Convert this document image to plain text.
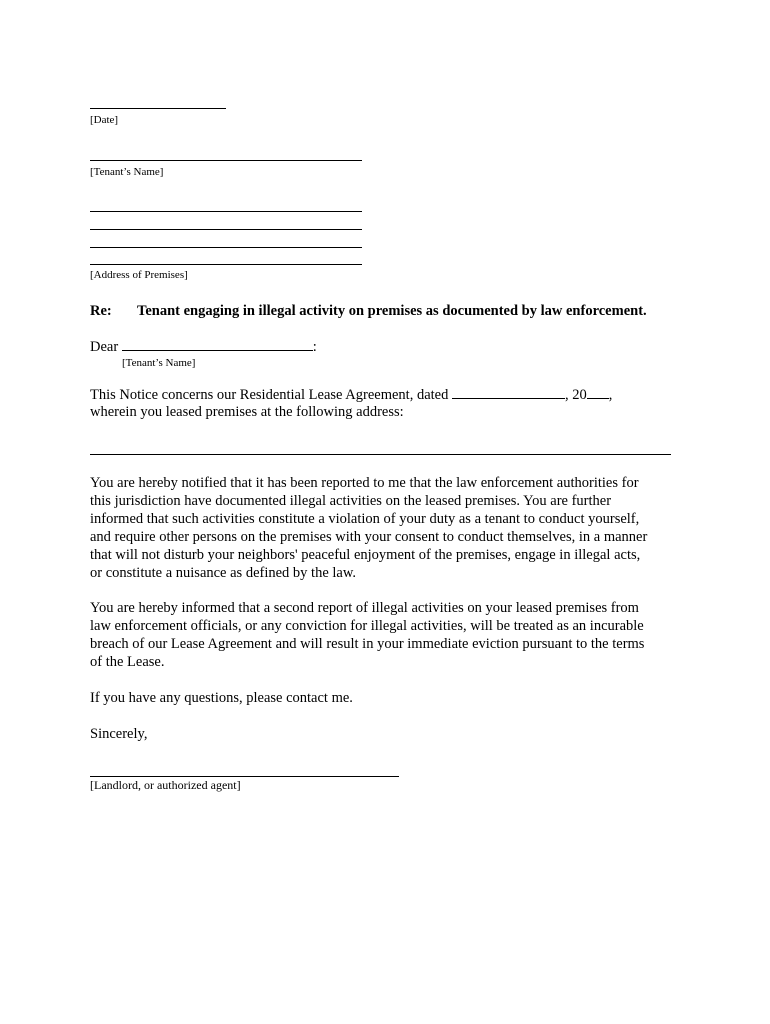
[Date]
[Tenant’s Name]
[Address of Premises]
Re: Tenant engaging in illegal activity on premises as documented by law enforcement.
Dear	:
[Tenant’s Name]
This Notice concerns our Residential Lease Agreement, dated	, 20 ,
wherein you leased premises at the following address:
You are hereby notified that it has been reported to me that the law enforcement authorities for
this jurisdiction have documented illegal activities on the leased premises. You are further
informed that such activities constitute a violation of your duty as a tenant to conduct yourself,
and require other persons on the premises with your consent to conduct themselves, in a manner
that will not disturb your neighbors' peaceful enjoyment of the premises, engage in illegal acts,
or constitute a nuisance as defined by the law.
You are hereby informed that a second report of illegal activities on your leased premises from
law enforcement officials, or any conviction for illegal activities, will be treated as an incurable
breach of our Lease Agreement and will result in your immediate eviction pursuant to the terms
of the Lease.
If you have any questions, please contact me.
Sincerely,
[Landlord, or authorized agent]
